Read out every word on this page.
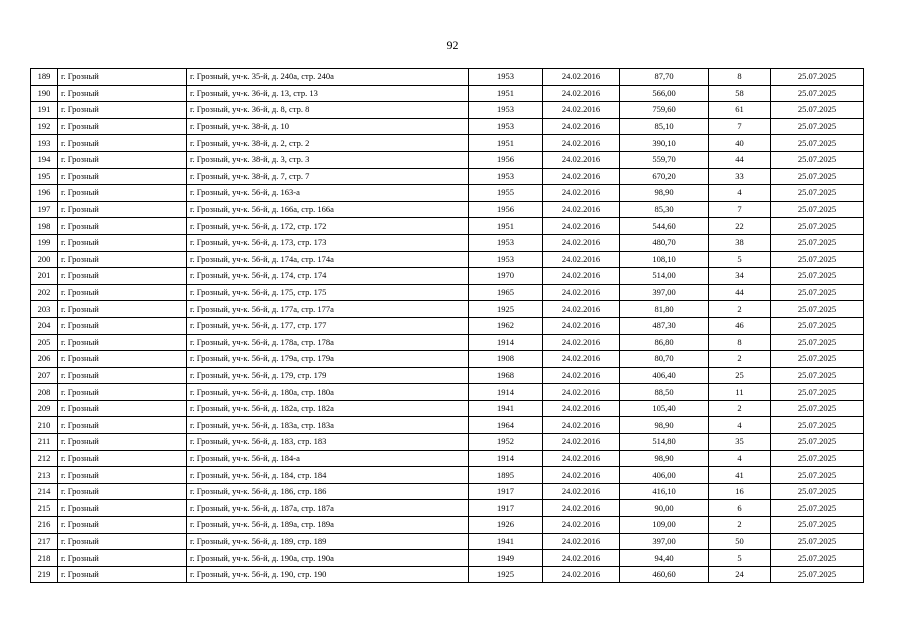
92
189	г. Грозный	г. Грозный, уч-к. 35-й, д. 240а, стр. 240а	1953	24.02.2016	87,70	8	25.07.2025
190	г. Грозный	г. Грозный, уч-к. 36-й, д. 13, стр. 13	1951	24.02.2016	566,00	58	25.07.2025
191	г. Грозный	г. Грозный, уч-к. 36-й, д. 8, стр. 8	1953	24.02.2016	759,60	61	25.07.2025
192	г. Грозный	г. Грозный, уч-к. 38-й, д. 10	1953	24.02.2016	85,10	7	25.07.2025
193	г. Грозный	г. Грозный, уч-к. 38-й, д. 2, стр. 2	1951	24.02.2016	390,10	40	25.07.2025
194	г. Грозный	г. Грозный, уч-к. 38-й, д. 3, стр. 3	1956	24.02.2016	559,70	44	25.07.2025
195	г. Грозный	г. Грозный, уч-к. 38-й, д. 7, стр. 7	1953	24.02.2016	670,20	33	25.07.2025
196	г. Грозный	г. Грозный, уч-к. 56-й, д. 163-а	1955	24.02.2016	98,90	4	25.07.2025
197	г. Грозный	г. Грозный, уч-к. 56-й, д. 166а, стр. 166а	1956	24.02.2016	85,30	7	25.07.2025
198	г. Грозный	г. Грозный, уч-к. 56-й, д. 172, стр. 172	1951	24.02.2016	544,60	22	25.07.2025
199	г. Грозный	г. Грозный, уч-к. 56-й, д. 173, стр. 173	1953	24.02.2016	480,70	38	25.07.2025
200	г. Грозный	г. Грозный, уч-к. 56-й, д. 174а, стр. 174а	1953	24.02.2016	108,10	5	25.07.2025
201	г. Грозный	г. Грозный, уч-к. 56-й, д. 174, стр. 174	1970	24.02.2016	514,00	34	25.07.2025
202	г. Грозный	г. Грозный, уч-к. 56-й, д. 175, стр. 175	1965	24.02.2016	397,00	44	25.07.2025
203	г. Грозный	г. Грозный, уч-к. 56-й, д. 177а, стр. 177а	1925	24.02.2016	81,80	2	25.07.2025
204	г. Грозный	г. Грозный, уч-к. 56-й, д. 177, стр. 177	1962	24.02.2016	487,30	46	25.07.2025
205	г. Грозный	г. Грозный, уч-к. 56-й, д. 178а, стр. 178а	1914	24.02.2016	86,80	8	25.07.2025
206	г. Грозный	г. Грозный, уч-к. 56-й, д. 179а, стр. 179а	1908	24.02.2016	80,70	2	25.07.2025
207	г. Грозный	г. Грозный, уч-к. 56-й, д. 179, стр. 179	1968	24.02.2016	406,40	25	25.07.2025
208	г. Грозный	г. Грозный, уч-к. 56-й, д. 180а, стр. 180а	1914	24.02.2016	88,50	11	25.07.2025
209	г. Грозный	г. Грозный, уч-к. 56-й, д. 182а, стр. 182а	1941	24.02.2016	105,40	2	25.07.2025
210	г. Грозный	г. Грозный, уч-к. 56-й, д. 183а, стр. 183а	1964	24.02.2016	98,90	4	25.07.2025
211	г. Грозный	г. Грозный, уч-к. 56-й, д. 183, стр. 183	1952	24.02.2016	514,80	35	25.07.2025
212	г. Грозный	г. Грозный, уч-к. 56-й, д. 184-а	1914	24.02.2016	98,90	4	25.07.2025
213	г. Грозный	г. Грозный, уч-к. 56-й, д. 184, стр. 184	1895	24.02.2016	406,00	41	25.07.2025
214	г. Грозный	г. Грозный, уч-к. 56-й, д. 186, стр. 186	1917	24.02.2016	416,10	16	25.07.2025
215	г. Грозный	г. Грозный, уч-к. 56-й, д. 187а, стр. 187а	1917	24.02.2016	90,00	6	25.07.2025
216	г. Грозный	г. Грозный, уч-к. 56-й, д. 189а, стр. 189а	1926	24.02.2016	109,00	2	25.07.2025
217	г. Грозный	г. Грозный, уч-к. 56-й, д. 189, стр. 189	1941	24.02.2016	397,00	50	25.07.2025
218	г. Грозный	г. Грозный, уч-к. 56-й, д. 190а, стр. 190а	1949	24.02.2016	94,40	5	25.07.2025
219	г. Грозный	г. Грозный, уч-к. 56-й, д. 190, стр. 190	1925	24.02.2016	460,60	24	25.07.2025
